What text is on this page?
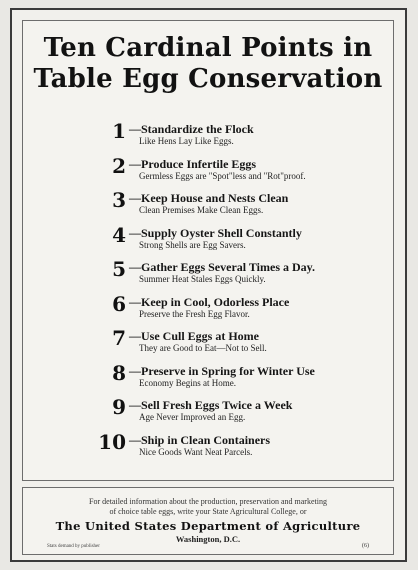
Ten Cardinal Points in
Table Egg Conservation
1 —Standardize the Flock
Like Hens Lay Like Eggs.
2 —Produce Infertile Eggs
Germless Eggs are "Spot"less and "Rot"proof.
3 —Keep House and Nests Clean
Clean Premises Make Clean Eggs.
4 —Supply Oyster Shell Constantly
Strong Shells are Egg Savers.
5 —Gather Eggs Several Times a Day.
Summer Heat Stales Eggs Quickly.
6 —Keep in Cool, Odorless Place
Preserve the Fresh Egg Flavor.
7 —Use Cull Eggs at Home
They are Good to Eat—Not to Sell.
8 —Preserve in Spring for Winter Use
Economy Begins at Home.
9 —Sell Fresh Eggs Twice a Week
Age Never Improved an Egg.
10 —Ship in Clean Containers
Nice Goods Want Neat Parcels.
For detailed information about the production, preservation and marketing
of choice table eggs, write your State Agricultural College, or
The United States Department of Agriculture
Washington, D.C.
Stats demand by publisher	(6)
